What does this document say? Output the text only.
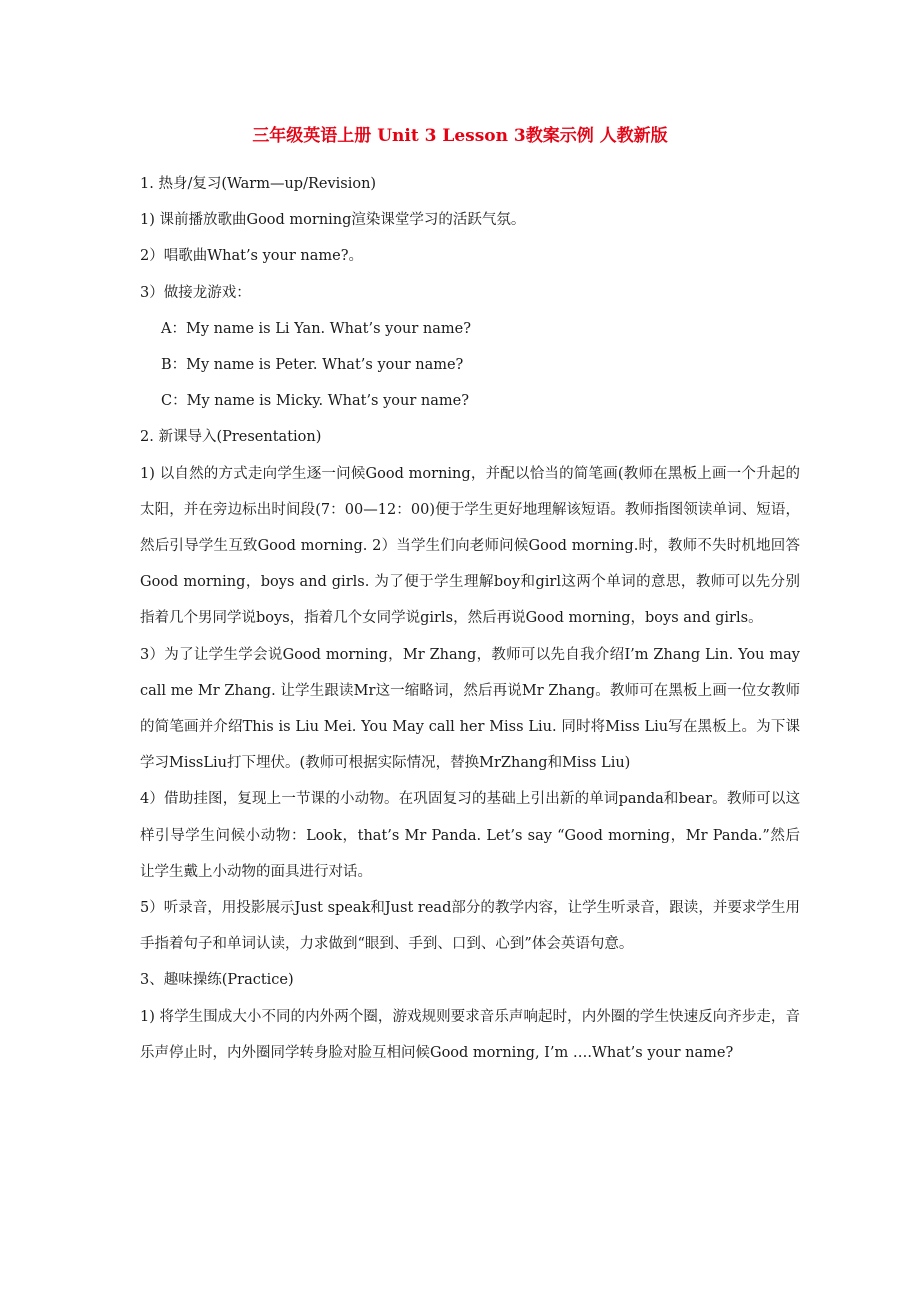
三年级英语上册 Unit 3 Lesson 3教案示例 人教新版

1. 热身/复习(Warm—up/Revision)

1) 课前播放歌曲Good morning渲染课堂学习的活跃气氛。

2）唱歌曲What’s your name?。

3）做接龙游戏：

A：My name is Li Yan. What’s your name?

B：My name is Peter. What’s your name?

C：My name is Micky. What’s your name?

2. 新课导入(Presentation)

1) 以自然的方式走向学生逐一问候Good morning，并配以恰当的简笔画(教师在黑板上画一个升起的太阳，并在旁边标出时间段(7：00—12：00)便于学生更好地理解该短语。教师指图领读单词、短语，然后引导学生互致Good morning. 2）当学生们向老师问候Good morning.时，教师不失时机地回答Good morning，boys and girls. 为了便于学生理解boy和girl这两个单词的意思，教师可以先分别指着几个男同学说boys，指着几个女同学说girls，然后再说Good morning，boys and girls。

3）为了让学生学会说Good morning，Mr Zhang，教师可以先自我介绍I’m Zhang Lin. You may call me Mr Zhang. 让学生跟读Mr这一缩略词，然后再说Mr Zhang。教师可在黑板上画一位女教师的简笔画并介绍This is Liu Mei. You May call her Miss Liu. 同时将Miss Liu写在黑板上。为下课学习MissLiu打下埋伏。(教师可根据实际情况，替换MrZhang和Miss Liu)

4）借助挂图，复现上一节课的小动物。在巩固复习的基础上引出新的单词panda和bear。教师可以这样引导学生问候小动物：Look，that’s Mr Panda. Let’s say “Good morning，Mr Panda.”然后让学生戴上小动物的面具进行对话。

5）听录音，用投影展示Just speak和Just read部分的教学内容，让学生听录音，跟读，并要求学生用手指着句子和单词认读，力求做到“眼到、手到、口到、心到”体会英语句意。

3、趣味操练(Practice)

1) 将学生围成大小不同的内外两个圈，游戏规则要求音乐声响起时，内外圈的学生快速反向齐步走，音乐声停止时，内外圈同学转身脸对脸互相问候Good morning, I’m ….What’s your name?
